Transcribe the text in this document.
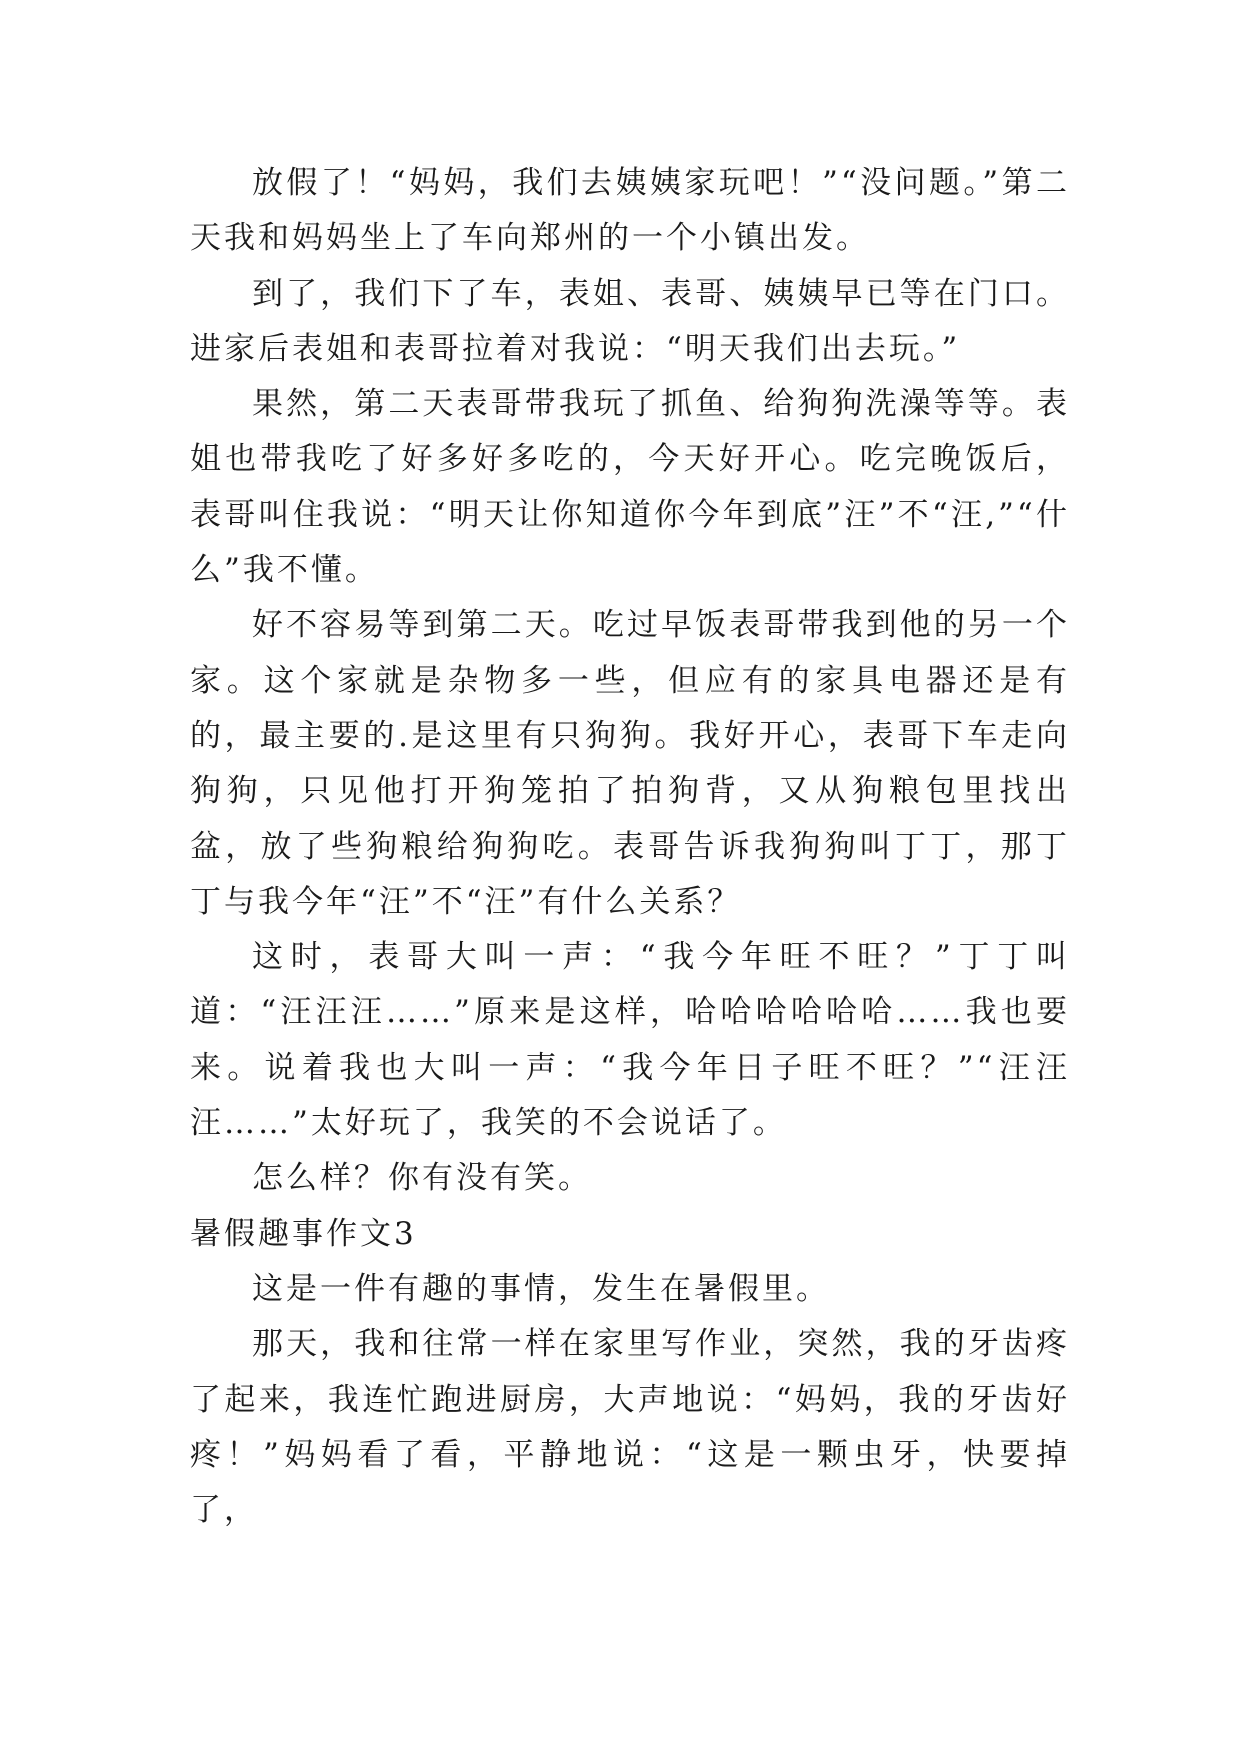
放假了！“妈妈，我们去姨姨家玩吧！”“没问题。”第二天我和妈妈坐上了车向郑州的一个小镇出发。

到了，我们下了车，表姐、表哥、姨姨早已等在门口。进家后表姐和表哥拉着对我说：“明天我们出去玩。”

果然，第二天表哥带我玩了抓鱼、给狗狗洗澡等等。表姐也带我吃了好多好多吃的，今天好开心。吃完晚饭后，表哥叫住我说：“明天让你知道你今年到底”汪”不“汪,”“什么”我不懂。

好不容易等到第二天。吃过早饭表哥带我到他的另一个家。这个家就是杂物多一些，但应有的家具电器还是有的，最主要的.是这里有只狗狗。我好开心，表哥下车走向狗狗，只见他打开狗笼拍了拍狗背，又从狗粮包里找出盆，放了些狗粮给狗狗吃。表哥告诉我狗狗叫丁丁，那丁丁与我今年“汪”不“汪”有什么关系？

这时，表哥大叫一声：“我今年旺不旺？”丁丁叫道：“汪汪汪……”原来是这样，哈哈哈哈哈哈……我也要来。说着我也大叫一声：“我今年日子旺不旺？”“汪汪汪……”太好玩了，我笑的不会说话了。

怎么样？你有没有笑。

暑假趣事作文3

这是一件有趣的事情，发生在暑假里。

那天，我和往常一样在家里写作业，突然，我的牙齿疼了起来，我连忙跑进厨房，大声地说：“妈妈，我的牙齿好疼！”妈妈看了看，平静地说：“这是一颗虫牙，快要掉了，
